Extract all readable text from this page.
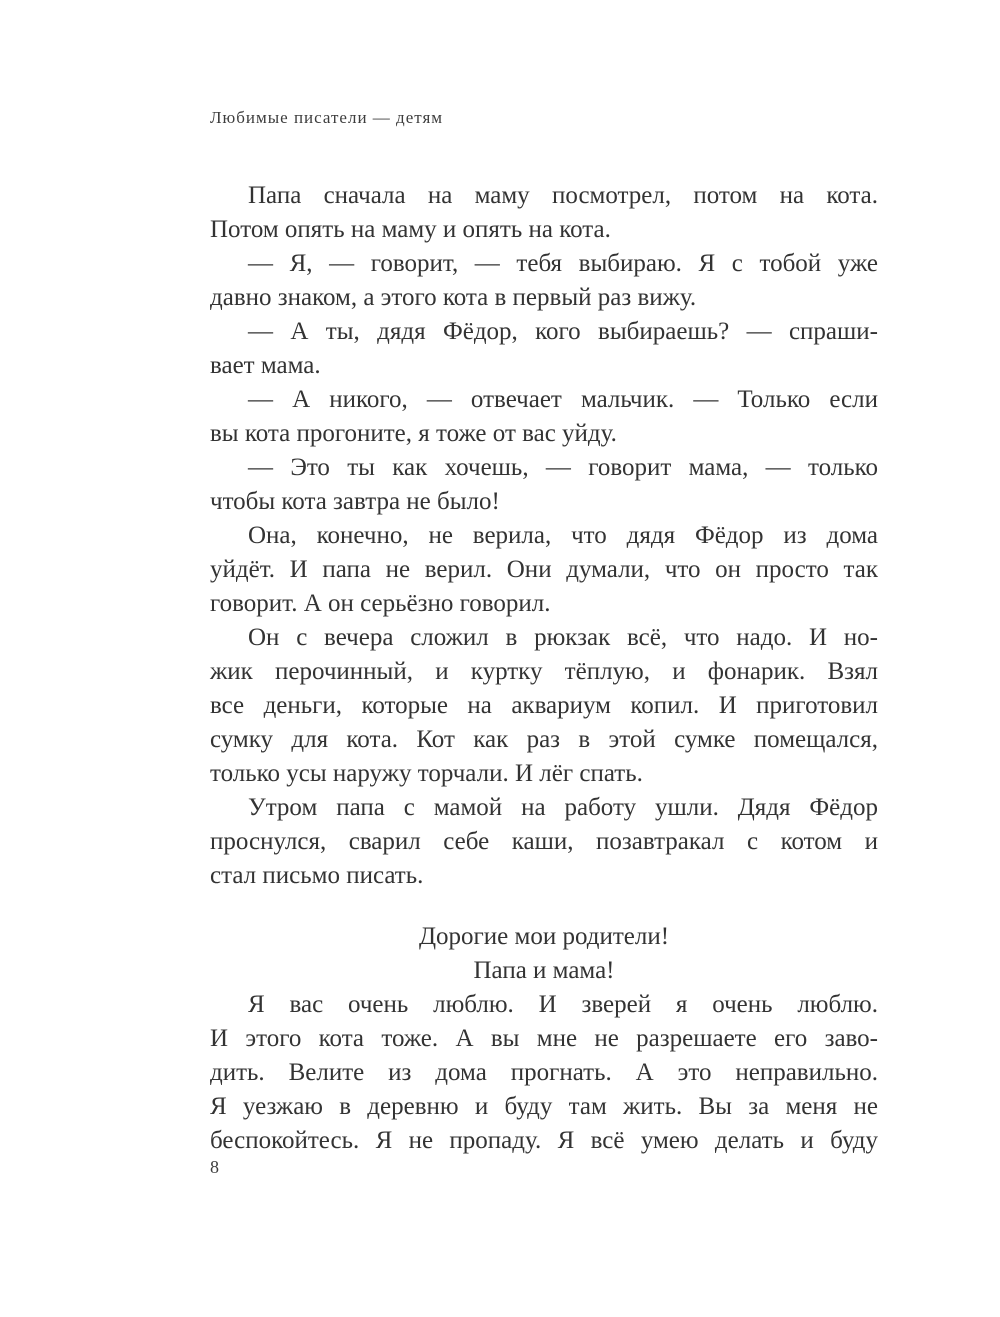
Любимые писатели — детям
Папа сначала на маму посмотрел, потом на кота.
Потом опять на маму и опять на кота.
— Я, — говорит, — тебя выбираю. Я с тобой уже
давно знаком, а этого кота в первый раз вижу.
— А ты, дядя Фёдор, кого выбираешь? — спраши-
вает мама.
— А никого, — отвечает мальчик. — Только если
вы кота прогоните, я тоже от вас уйду.
— Это ты как хочешь, — говорит мама, — только
чтобы кота завтра не было!
Она, конечно, не верила, что дядя Фёдор из дома
уйдёт. И папа не верил. Они думали, что он просто так
говорит. А он серьёзно говорил.
Он с вечера сложил в рюкзак всё, что надо. И но-
жик перочинный, и куртку тёплую, и фонарик. Взял
все деньги, которые на аквариум копил. И приготовил
сумку для кота. Кот как раз в этой сумке помещался,
только усы наружу торчали. И лёг спать.
Утром папа с мамой на работу ушли. Дядя Фёдор
проснулся, сварил себе каши, позавтракал с котом и
стал письмо писать.
Дорогие мои родители!
Папа и мама!
Я вас очень люблю. И зверей я очень люблю.
И этого кота тоже. А вы мне не разрешаете его заво-
дить. Велите из дома прогнать. А это неправильно.
Я уезжаю в деревню и буду там жить. Вы за меня не
беспокойтесь. Я не пропаду. Я всё умею делать и буду
8
